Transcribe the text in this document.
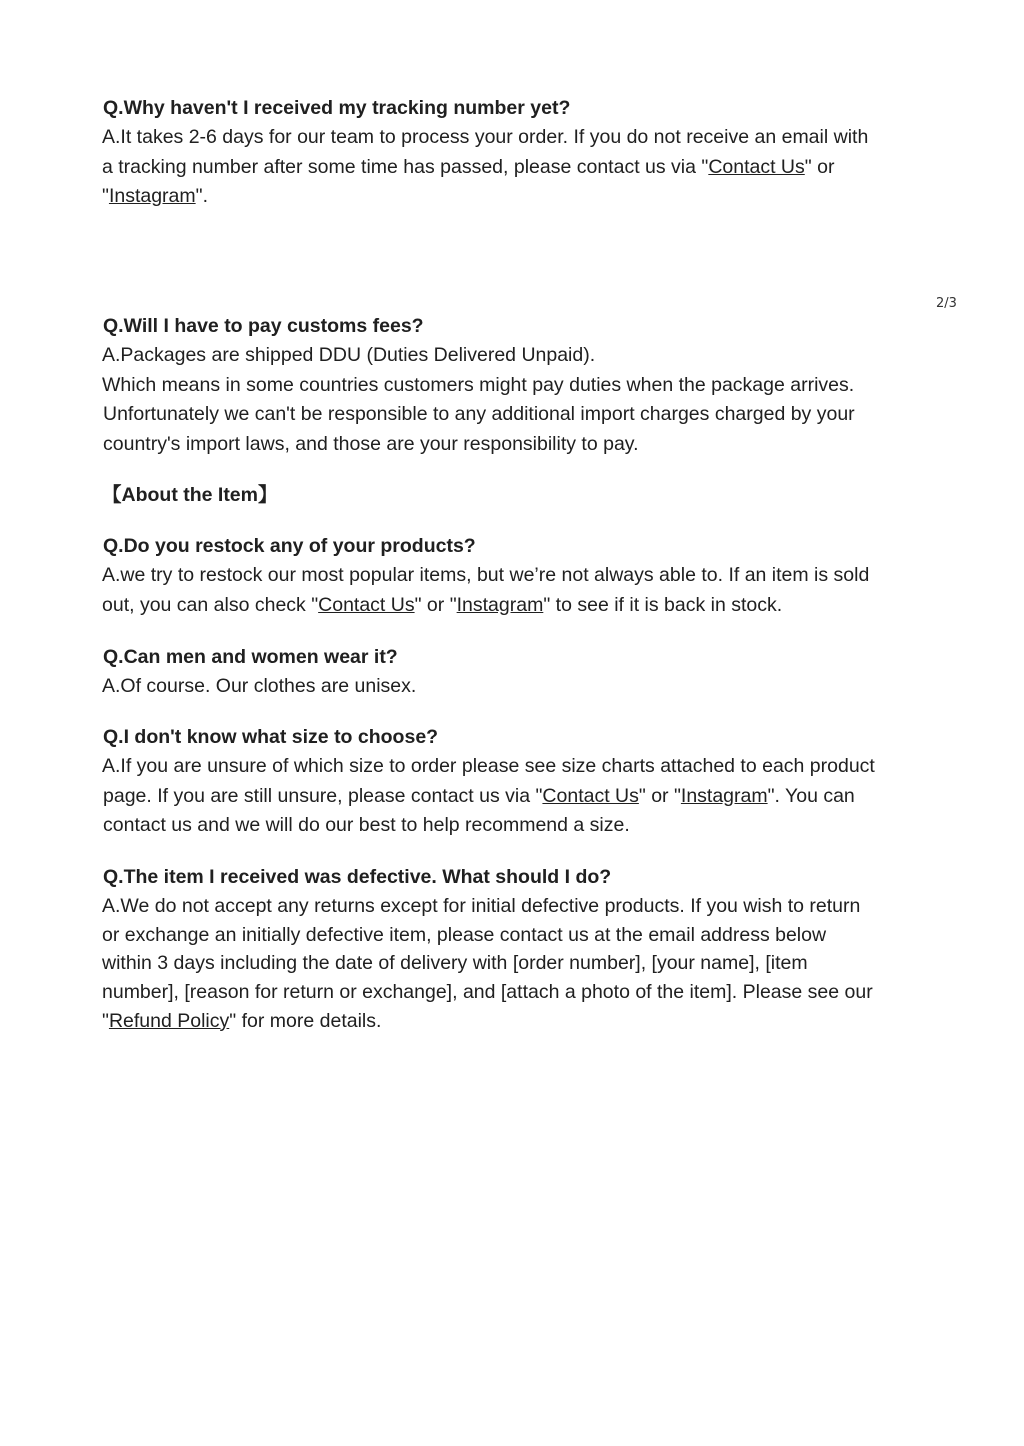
2/3

Q.Why haven't I received my tracking number yet?

A.It takes 2-6 days for our team to process your order. If you do not receive an email with
a tracking number after some time has passed, please contact us via "Contact Us" or
"Instagram".

Q.Will I have to pay customs fees?

A.Packages are shipped DDU (Duties Delivered Unpaid).
Which means in some countries customers might pay duties when the package arrives.
Unfortunately we can't be responsible to any additional import charges charged by your
country's import laws, and those are your responsibility to pay.

【About the Item】

Q.Do you restock any of your products?

A.we try to restock our most popular items, but we’re not always able to. If an item is sold
out, you can also check "Contact Us" or "Instagram" to see if it is back in stock.

Q.Can men and women wear it?

A.Of course. Our clothes are unisex.

Q.I don't know what size to choose?

A.If you are unsure of which size to order please see size charts attached to each product
page. If you are still unsure, please contact us via "Contact Us" or "Instagram". You can
contact us and we will do our best to help recommend a size.

Q.The item I received was defective. What should I do?

A.We do not accept any returns except for initial defective products. If you wish to return
or exchange an initially defective item, please contact us at the email address below
within 3 days including the date of delivery with [order number], [your name], [item
number], [reason for return or exchange], and [attach a photo of the item]. Please see our
"Refund Policy" for more details.
